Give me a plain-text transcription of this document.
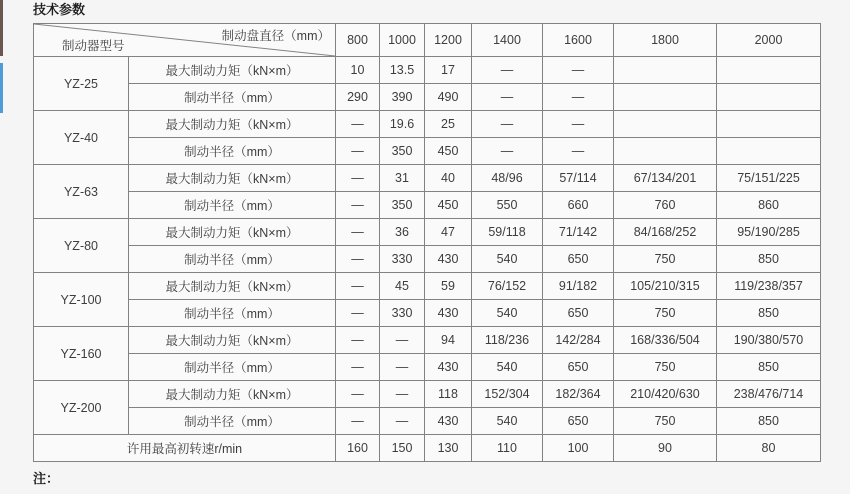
技术参数
制动盘直径（mm）
制动器型号		800	1000	1200	1400	1600	1800	2000
YZ-25	最大制动力矩（kN×m）	10	13.5	17	—	—		
	制动半径（mm）	290	390	490	—	—		
YZ-40	最大制动力矩（kN×m）	—	19.6	25	—	—		
	制动半径（mm）	—	350	450	—	—		
YZ-63	最大制动力矩（kN×m）	—	31	40	48/96	57/114	67/134/201	75/151/225
	制动半径（mm）	—	350	450	550	660	760	860
YZ-80	最大制动力矩（kN×m）	—	36	47	59/118	71/142	84/168/252	95/190/285
	制动半径（mm）	—	330	430	540	650	750	850
YZ-100	最大制动力矩（kN×m）	—	45	59	76/152	91/182	105/210/315	119/238/357
	制动半径（mm）	—	330	430	540	650	750	850
YZ-160	最大制动力矩（kN×m）	—	—	94	118/236	142/284	168/336/504	190/380/570
	制动半径（mm）	—	—	430	540	650	750	850
YZ-200	最大制动力矩（kN×m）	—	—	118	152/304	182/364	210/420/630	238/476/714
	制动半径（mm）	—	—	430	540	650	750	850
许用最高初转速r/min		160	150	130	110	100	90	80
注：
